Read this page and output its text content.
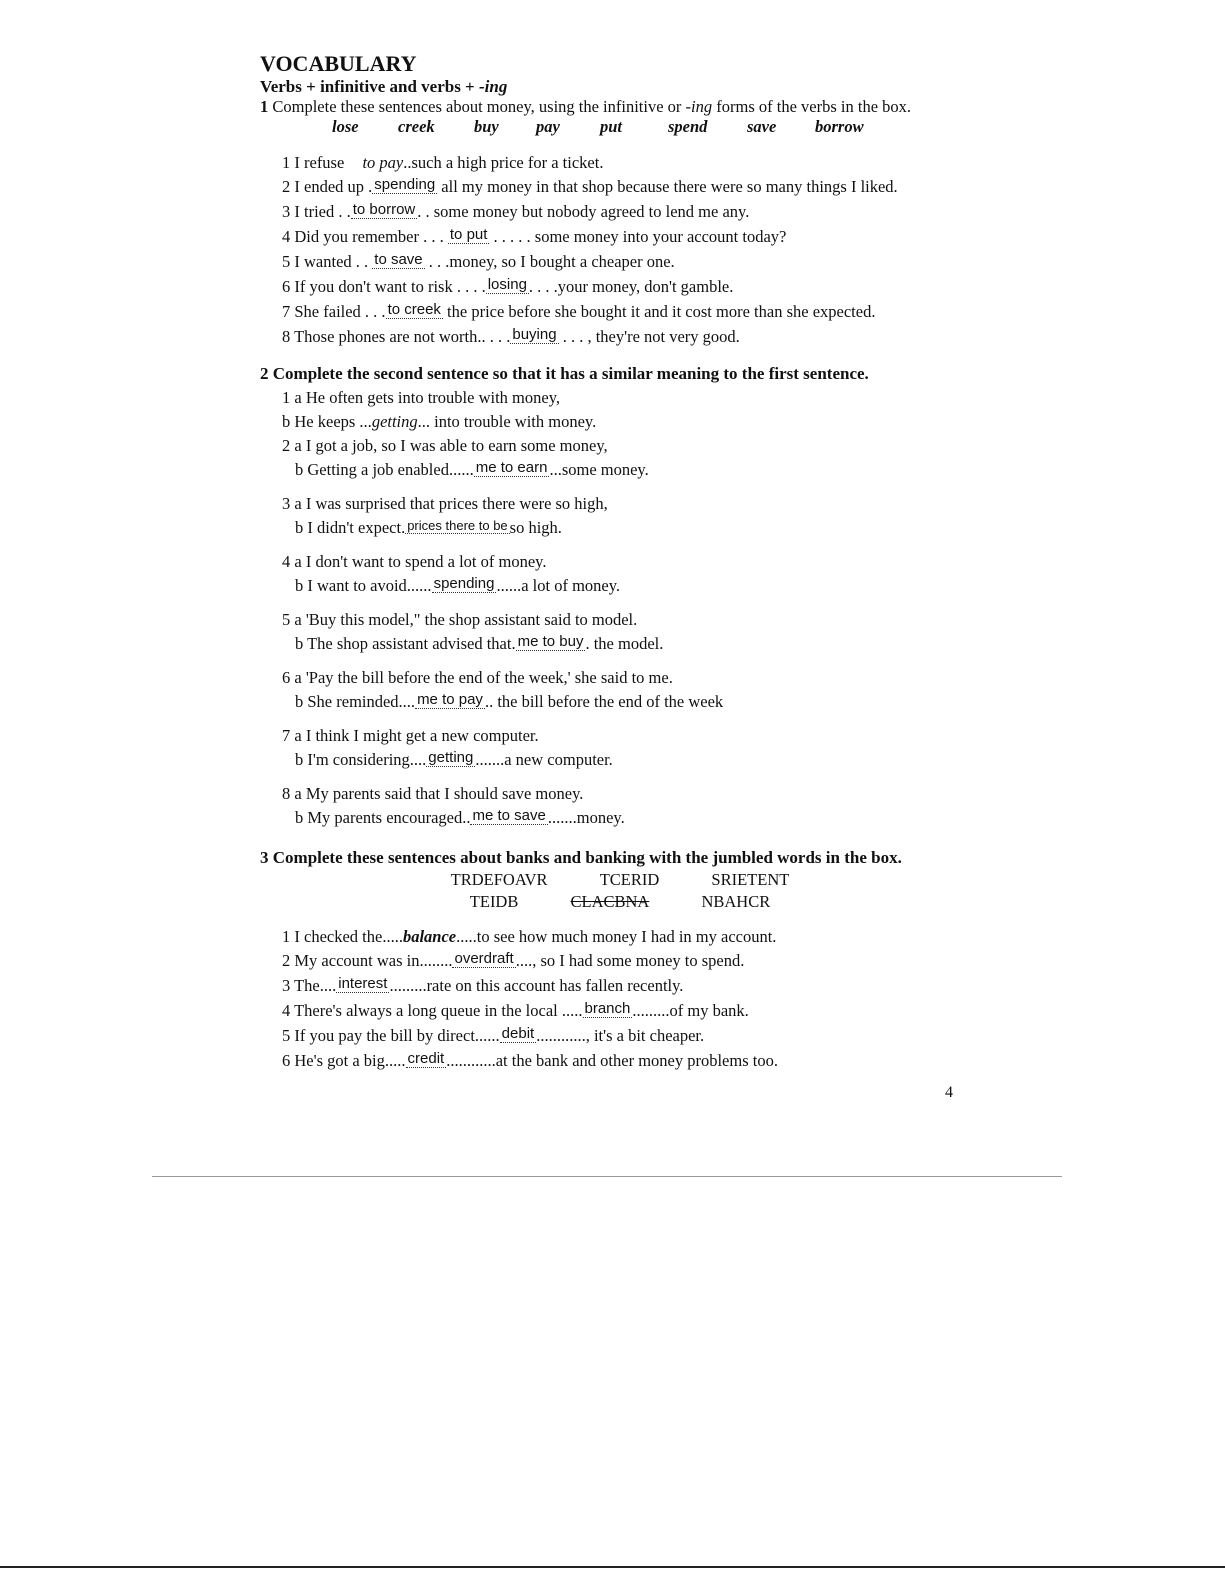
VOCABULARY
Verbs + infinitive and verbs + -ing
1 Complete these sentences about money, using the infinitive or -ing forms of the verbs in the box.
lose	creek	buy	pay	put	spend	save	borrow
1 I refuse to pay..such a high price for a ticket.
2 I ended up . spending all my money in that shop because there were so many things I liked.
3 I tried . . to borrow . . some money but nobody agreed to lend me any.
4 Did you remember . . . to put . . . . . some money into your account today?
5 I wanted . . to save . . .money, so I bought a cheaper one.
6 If you don't want to risk . . . . losing . . . .your money, don't gamble.
7 She failed . . . to creek the price before she bought it and it cost more than she expected.
8 Those phones are not worth.. . . . buying . . . , they're not very good.
2 Complete the second sentence so that it has a similar meaning to the first sentence.
1 a He often gets into trouble with money,
b He keeps ...getting... into trouble with money.
2 a I got a job, so I was able to earn some money,
b Getting a job enabled...... me to earn ...some money.
3 a I was surprised that prices there were so high,
b I didn't expect. prices there to be so high.
4 a I don't want to spend a lot of money.
b I want to avoid...... spending ......a lot of money.
5 a 'Buy this model," the shop assistant said to model.
b The shop assistant advised that. me to buy . the model.
6 a 'Pay the bill before the end of the week,' she said to me.
b She reminded.... me to pay .. the bill before the end of the week
7 a I think I might get a new computer.
b I'm considering.... getting .......a new computer.
8 a My parents said that I should save money.
b My parents encouraged.. me to save .......money.
3 Complete these sentences about banks and banking with the jumbled words in the box.
TRDEFOAVR	TCERID	SRIETENT
TEIDB	CLACBNA	NBAHCR
1 I checked the.....balance.....to see how much money I had in my account.
2 My account was in........ overdraft ...., so I had some money to spend.
3 The.... interest .........rate on this account has fallen recently.
4 There's always a long queue in the local ..... branch .........of my bank.
5 If you pay the bill by direct...... debit ............, it's a bit cheaper.
6 He's got a big..... credit ............at the bank and other money problems too.
4
